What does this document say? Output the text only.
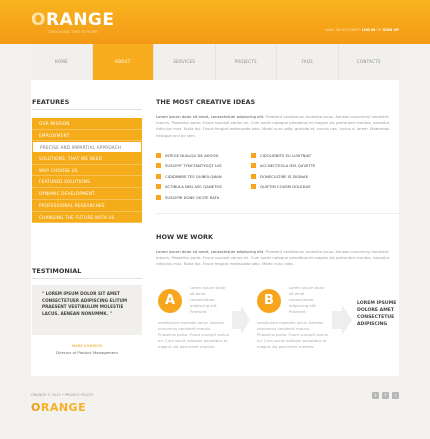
ORANGE
CHOOSING THE FUTURE	HAVE AN ACCOUNT? LOG IN OR SIGN UP
HOME	ABOUT	SERVICES	PROJECTS	FAQS	CONTACTS
FEATURES
OUR MISSION
EMPLOYMENT
PRECISE AND IMPARTIAL APPROACH
SOLUTIONS, THAT WE NEED
WHY CHOOSE US
FEATURED SOLUTIONS
DYNAMIC DEVELOPMENT
PROFESSIONAL RESEARCHES
CHANGING THE FUTURE WITH US
TESTIMONIAL
" LOREM IPSUM DOLOR SIT AMET CONSECTETUER ADIPISCING ELITUM PRAESENT VESTIBULUM MOLESTIE LACUS. AENEAN NONUMMK. "
MARK JOHNSON
Director of Product Management
THE MOST CREATIVE IDEAS
Lorem ipsum dolor sit amet, consectetuer adipiscing elit. Praesent vestibulum molestie lacus. Aenean nonummy hendrerit mauris. Phasellus porta. Fusce suscipit varius mi. Cum sociis natoque penatibus et magnis dis parturient montes, nascetur ridiculus mus. Nulla dui. Fusce feugiat malesuada odio. Morbi nunc odio, gravida at, cursus nec, luctus a, lorem. Maecenas tristique orci ac sem.
INTEGE NUALQU DE AHOOD
SUSCIPIT TYNCTANTYGQT LVS
CIDIDIMBIS TES QUIBOLQNAN
ACTIBULA NED ASC QANETOS
SUSCIPIR DONE OICITE RATA
CIDOLIDBITS SU LUVITNIAT
ACCNECTEOLA IEIS QUVETTE
DONECULTIRE IS SIGINAE
QUIFTIM COUSM DOLEDUE
HOW WE WORK
Lorem ipsum dolor sit amet, consectetuer adipiscing elit. Praesent vestibulum molestie lacus. Aenean nonummy hendrerit mauris. Phasellus porta. Fusce suscipit varius mi. Cum sociis natoque penatibus et magnis dis parturient montes, nascetur ridiculus mus. Nulla dui. Fusce feugiat malesuada odio. Morbi nunc odio.
A
Lorem ipsum dolor sit amet consectetuer adipiscing elit. Praesent
vestibulum molestie lacus. Aenean nonummy hendrerit mauris. Phasellus porta. Fusce suscipit varius mi. Cum sociis natoque penatibus et magnis dis parturient montes.
B
Lorem ipsum dolor sit amet consectetuer adipiscing elit. Praesent
vestibulum molestie lacus. Aenean nonummy hendrerit mauris. Phasellus porta. Fusce suscipit varius mi. Cum sociis natoque penatibus et magnis dis parturient montes.
LOREM IPSUME
DOLORE AMET
CONSECTETUE
ADIPISCING
ORANGE © 2012 • PRIVACY POLICY
ORANGE
t	f	r
